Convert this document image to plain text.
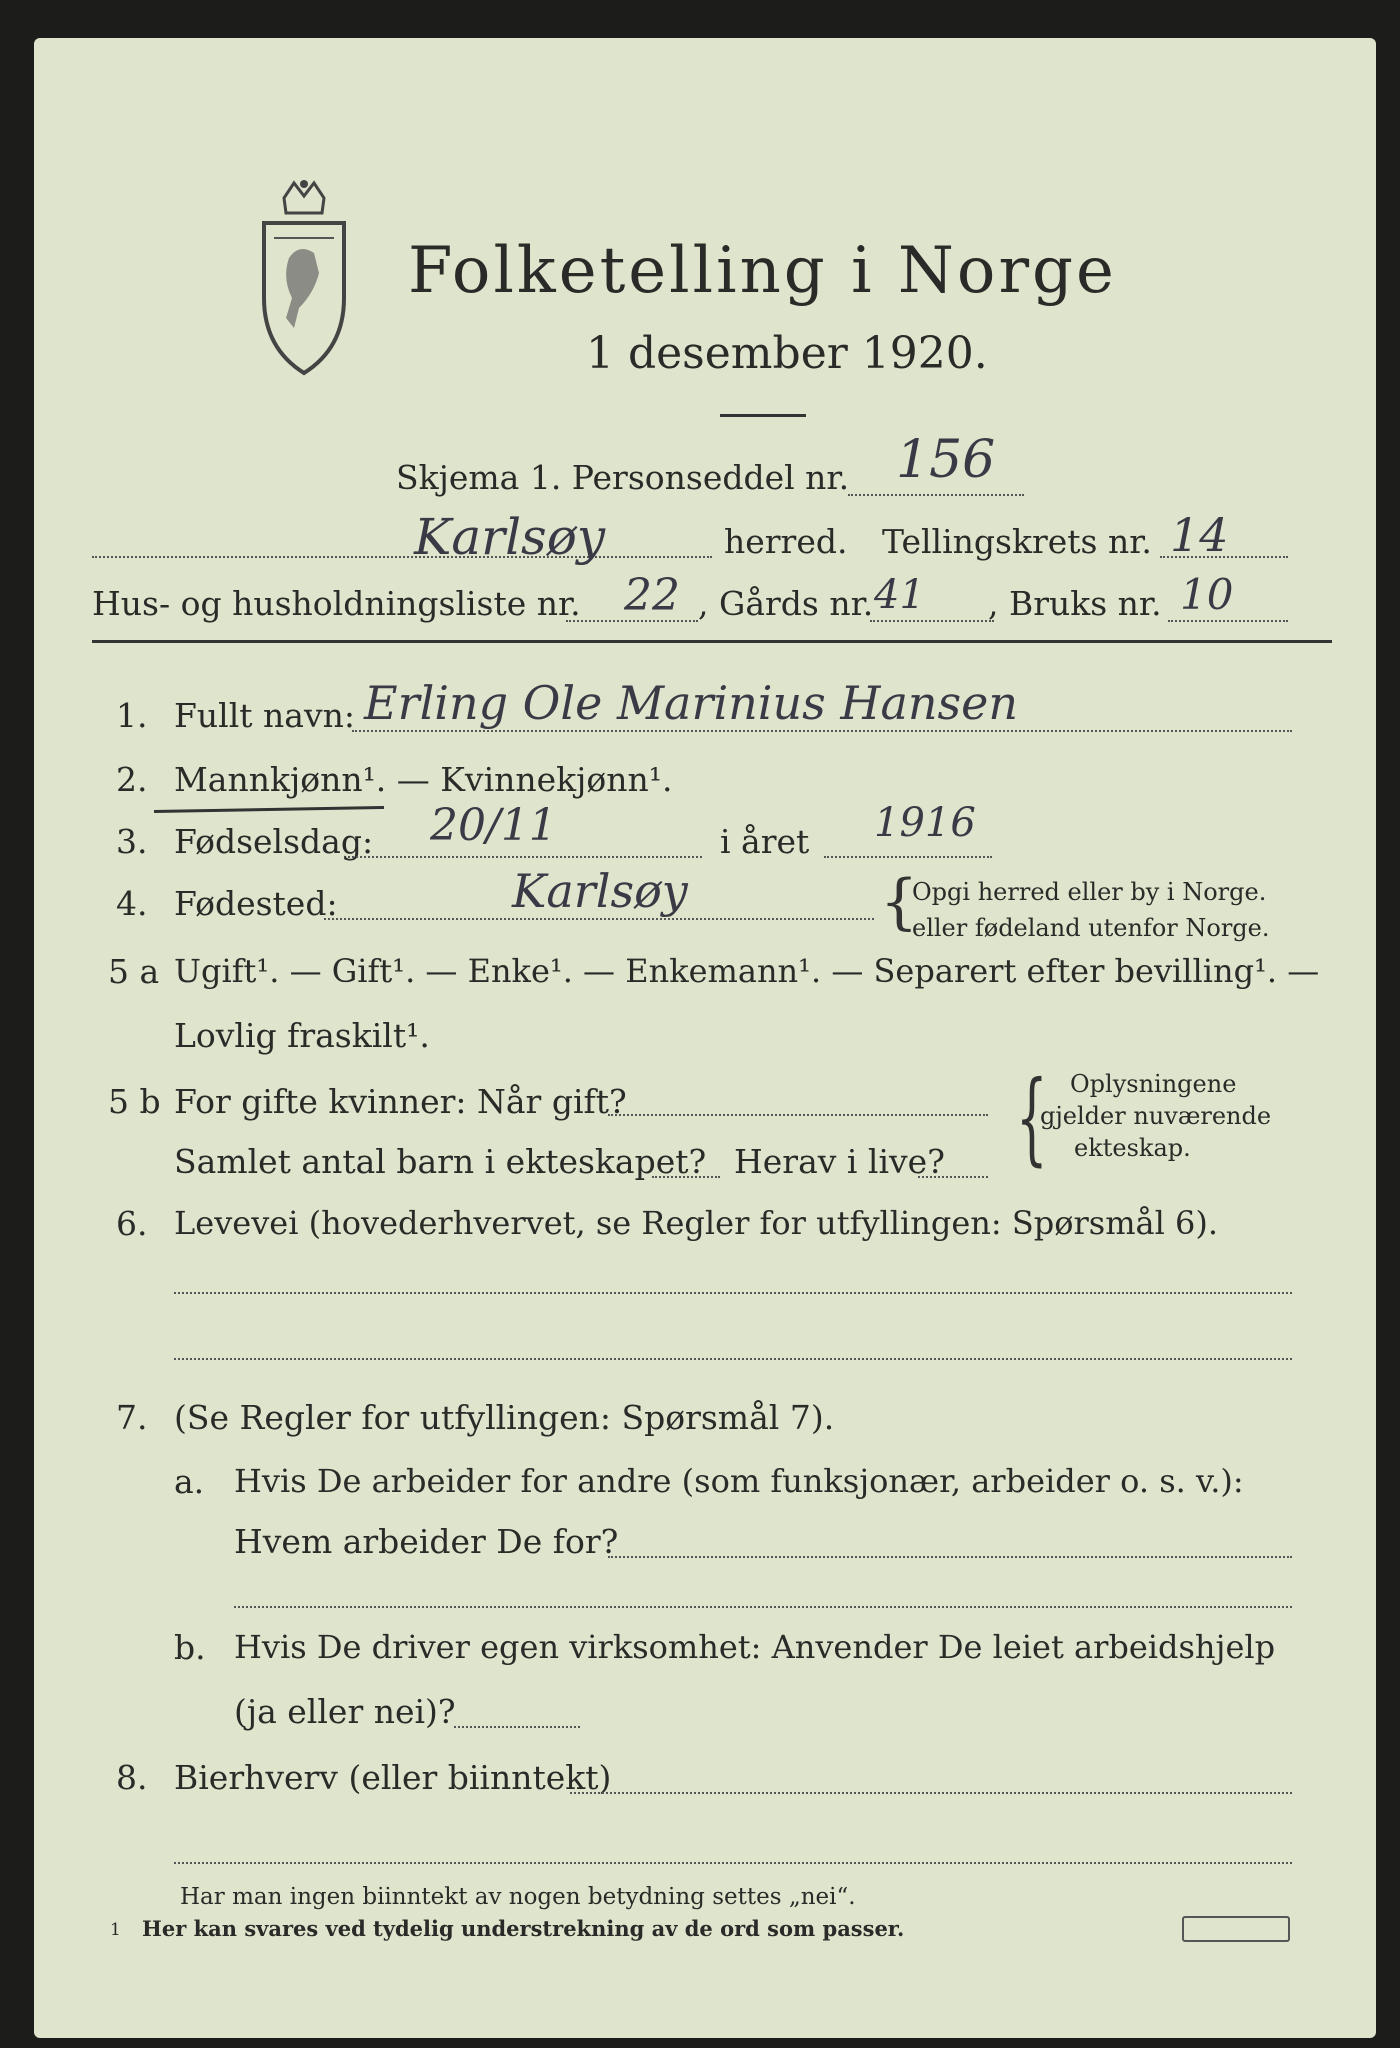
Folketelling i Norge
1 desember 1920.
Skjema 1. Personseddel nr. 156
Karlsøy	herred. Tellingskrets nr. 14
Hus- og husholdningsliste nr. 22 , Gårds nr. 41 , Bruks nr. 10
1. Fullt navn: Erling Ole Marinius Hansen
2. Mannkjønn¹. — Kvinnekjønn¹.
3. Fødselsdag: 20/11	i året 1916
4. Fødested:	Karlsøy	{
Opgi herred eller by i Norge.
eller fødeland utenfor Norge.
5 a Ugift¹. — Gift¹. — Enke¹. — Enkemann¹. — Separert efter bevilling¹. —
Lovlig fraskilt¹.
5 b For gifte kvinner: Når gift?
Samlet antal barn i ekteskapet? Herav i live? { Oplysningene
gjelder nuværende
ekteskap.
6. Levevei (hovederhvervet, se Regler for utfyllingen: Spørsmål 6).
7. (Se Regler for utfyllingen: Spørsmål 7).
a. Hvis De arbeider for andre (som funksjonær, arbeider o. s. v.):
Hvem arbeider De for?
b. Hvis De driver egen virksomhet: Anvender De leiet arbeidshjelp
(ja eller nei)?
8. Bierhverv (eller biinntekt)
Har man ingen biinntekt av nogen betydning settes „nei“.
1 Her kan svares ved tydelig understrekning av de ord som passer.
